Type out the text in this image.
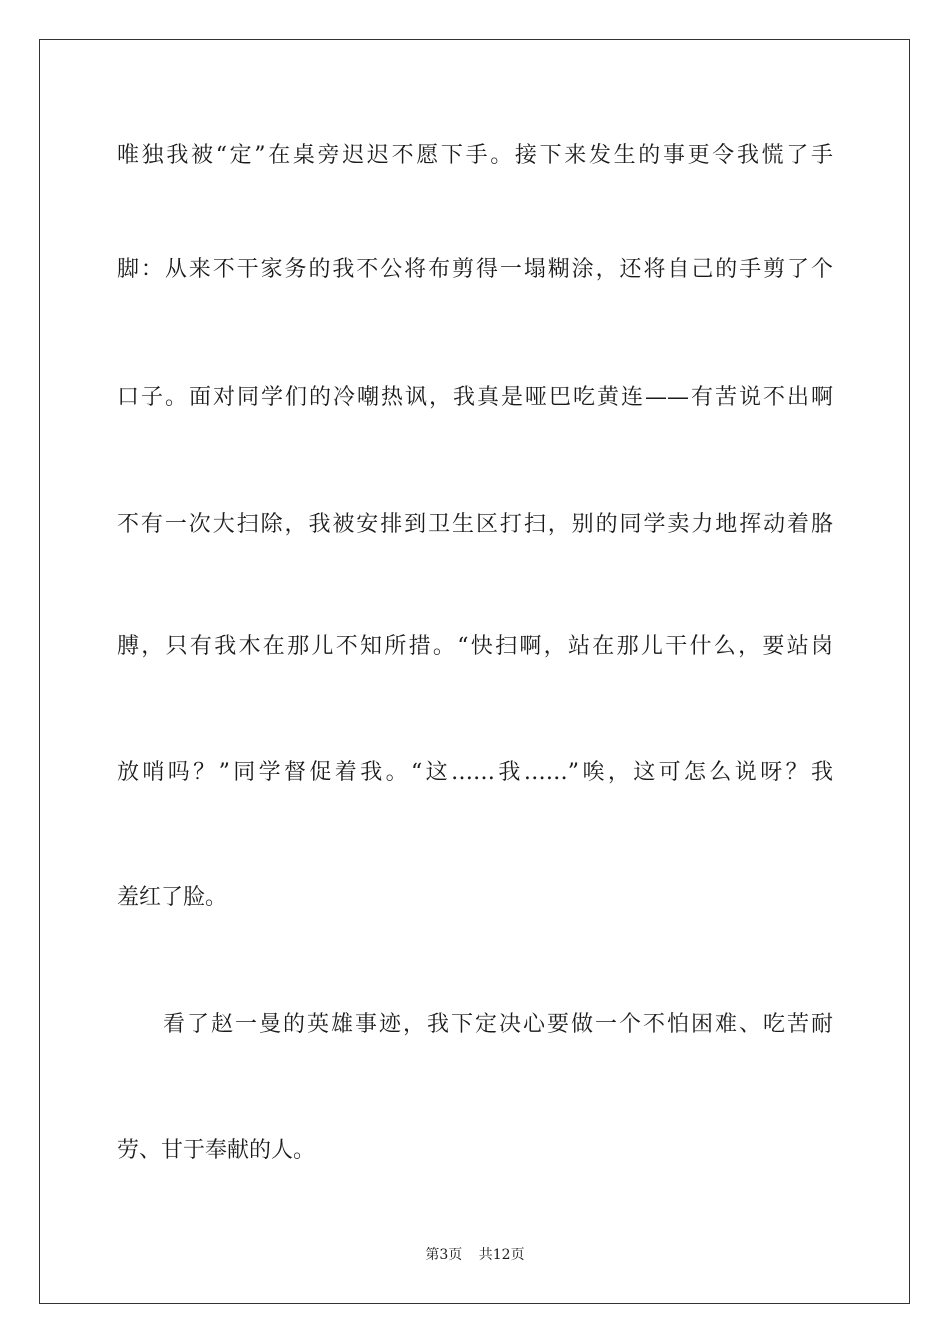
唯独我被“定”在桌旁迟迟不愿下手。接下来发生的事更令我慌了手
脚：从来不干家务的我不公将布剪得一塌糊涂，还将自己的手剪了个
口子。面对同学们的冷嘲热讽，我真是哑巴吃黄连——有苦说不出啊
不有一次大扫除，我被安排到卫生区打扫，别的同学卖力地挥动着胳
膊，只有我木在那儿不知所措。“快扫啊，站在那儿干什么，要站岗
放哨吗？”同学督促着我。“这……我……”唉，这可怎么说呀？我
羞红了脸。
看了赵一曼的英雄事迹，我下定决心要做一个不怕困难、吃苦耐
劳、甘于奉献的人。
第3页 共12页
